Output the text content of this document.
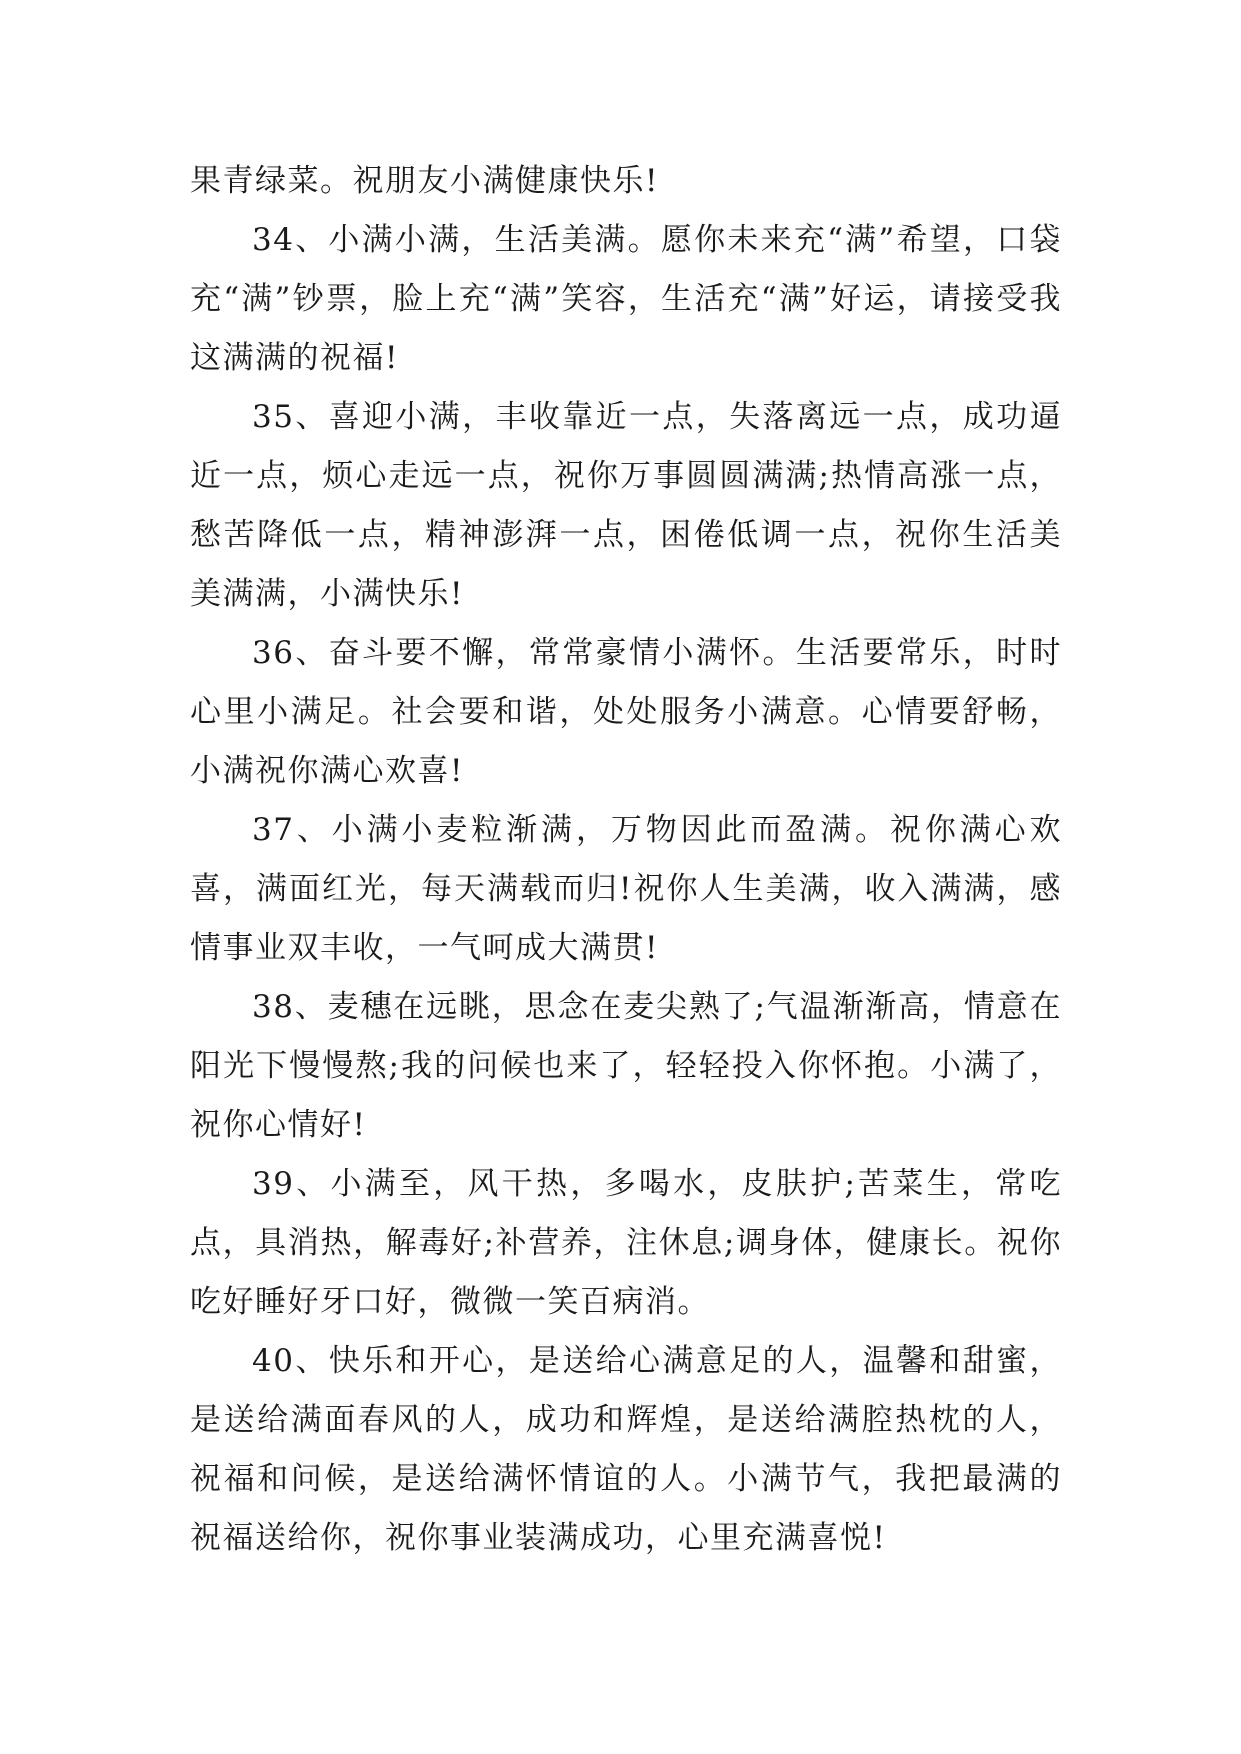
果青绿菜。祝朋友小满健康快乐!

34、小满小满，生活美满。愿你未来充“满”希望，口袋充“满”钞票，脸上充“满”笑容，生活充“满”好运，请接受我这满满的祝福!

35、喜迎小满，丰收靠近一点，失落离远一点，成功逼近一点，烦心走远一点，祝你万事圆圆满满;热情高涨一点，愁苦降低一点，精神澎湃一点，困倦低调一点，祝你生活美美满满，小满快乐!

36、奋斗要不懈，常常豪情小满怀。生活要常乐，时时心里小满足。社会要和谐，处处服务小满意。心情要舒畅，小满祝你满心欢喜!

37、小满小麦粒渐满，万物因此而盈满。祝你满心欢喜，满面红光，每天满载而归!祝你人生美满，收入满满，感情事业双丰收，一气呵成大满贯!

38、麦穗在远眺，思念在麦尖熟了;气温渐渐高，情意在阳光下慢慢熬;我的问候也来了，轻轻投入你怀抱。小满了，祝你心情好!

39、小满至，风干热，多喝水，皮肤护;苦菜生，常吃点，具消热，解毒好;补营养，注休息;调身体，健康长。祝你吃好睡好牙口好，微微一笑百病消。

40、快乐和开心，是送给心满意足的人，温馨和甜蜜，是送给满面春风的人，成功和辉煌，是送给满腔热枕的人，祝福和问候，是送给满怀情谊的人。小满节气，我把最满的祝福送给你，祝你事业装满成功，心里充满喜悦!
